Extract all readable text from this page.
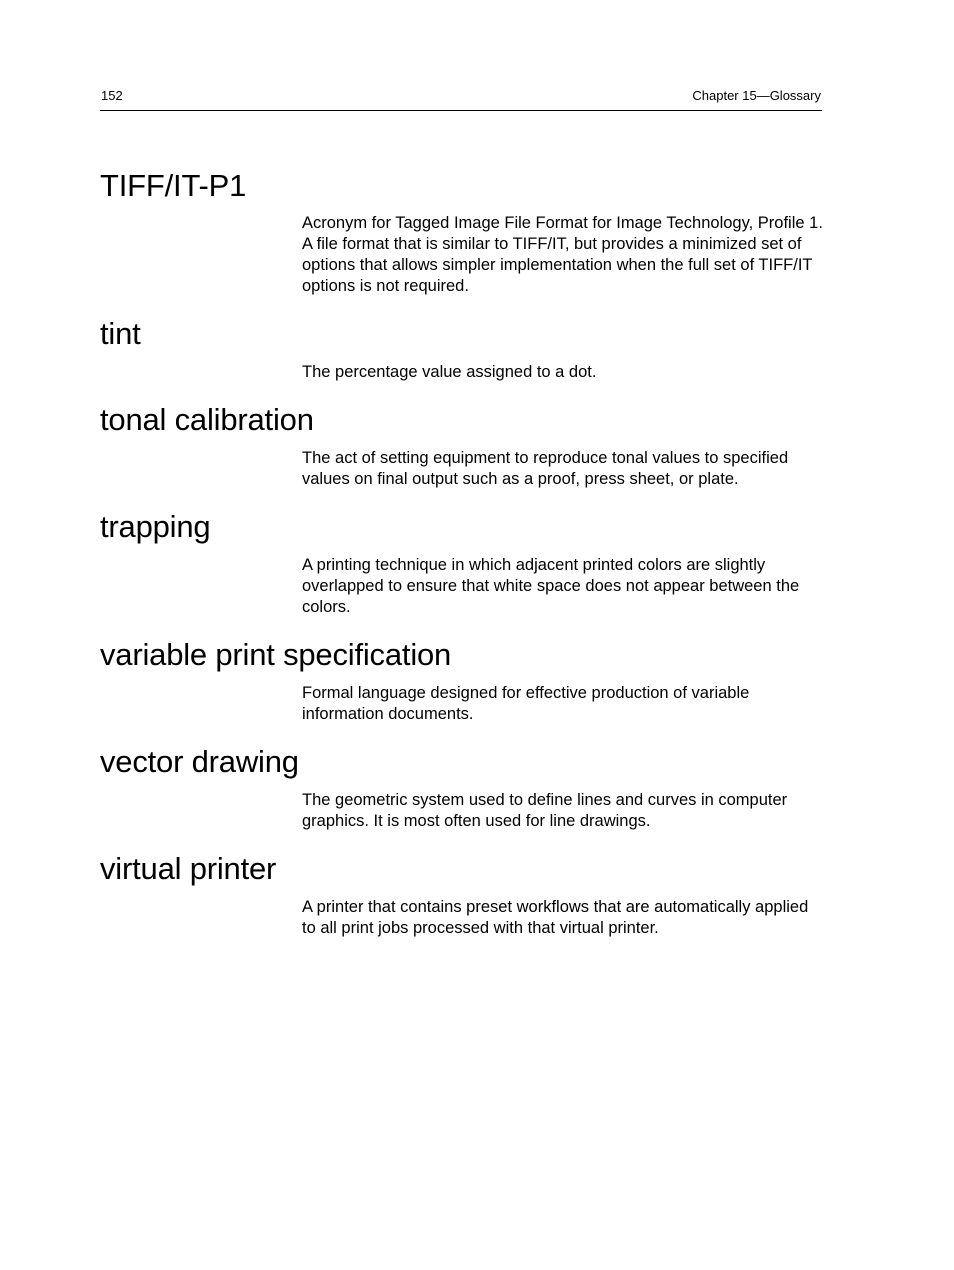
152	Chapter 15—Glossary
TIFF/IT-P1

Acronym for Tagged Image File Format for Image Technology, Profile 1. A file format that is similar to TIFF/IT, but provides a minimized set of options that allows simpler implementation when the full set of TIFF/IT options is not required.

tint

The percentage value assigned to a dot.

tonal calibration

The act of setting equipment to reproduce tonal values to specified values on final output such as a proof, press sheet, or plate.

trapping

A printing technique in which adjacent printed colors are slightly overlapped to ensure that white space does not appear between the colors.

variable print specification

Formal language designed for effective production of variable information documents.

vector drawing

The geometric system used to define lines and curves in computer graphics. It is most often used for line drawings.

virtual printer

A printer that contains preset workflows that are automatically applied to all print jobs processed with that virtual printer.
